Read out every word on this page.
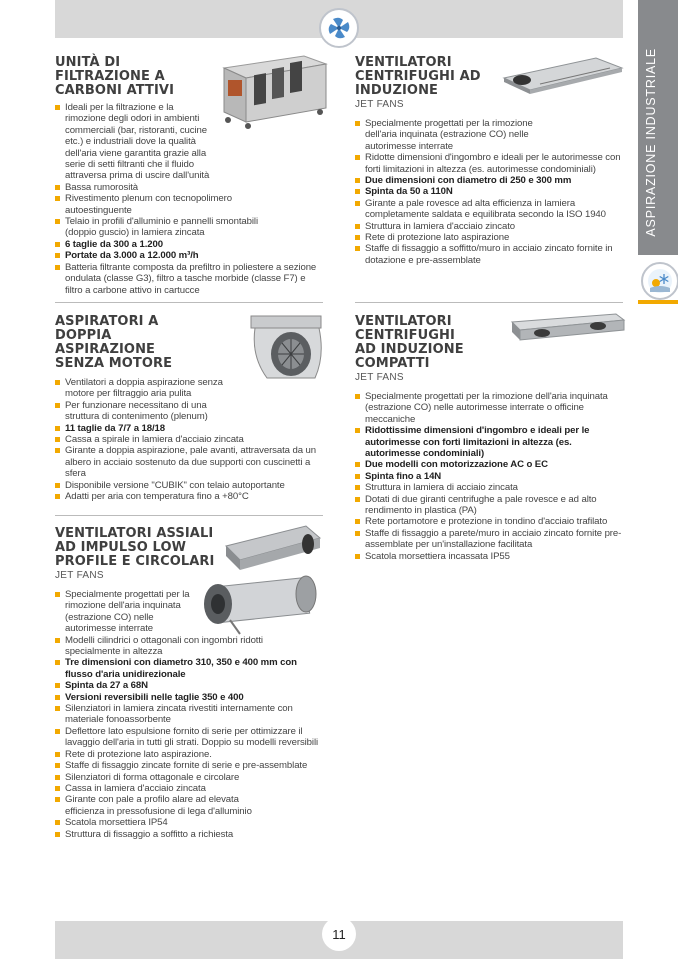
11
ASPIRAZIONE INDUSTRIALE
UNITÀ DI FILTRAZIONE A CARBONI ATTIVI
Ideali per la filtrazione e la rimozione degli odori in ambienti commerciali (bar, ristoranti, cucine etc.) e industriali dove la qualità dell'aria viene garantita grazie alla serie di setti filtranti che il fluido attraversa prima di uscire dall'unità
Bassa rumorosità
Rivestimento plenum con tecnopolimero autoestinguente
Telaio in profili d'alluminio e pannelli smontabili (doppio guscio) in lamiera zincata
6 taglie da 300 a 1.200
Portate da 3.000 a 12.000 m³/h
Batteria filtrante composta da prefiltro in poliestere a sezione ondulata (classe G3), filtro a tasche morbide (classe F7) e filtro a carbone attivo in cartucce
VENTILATORI CENTRIFUGHI AD INDUZIONE
JET FANS
Specialmente progettati per la rimozione dell'aria inquinata (estrazione CO) nelle autorimesse interrate
Ridotte dimensioni d'ingombro e ideali per le autorimesse con forti limitazioni in altezza (es. autorimesse condominiali)
Due dimensioni con diametro di 250 e 300 mm
Spinta da 50 a 110N
Girante a pale rovesce ad alta efficienza in lamiera completamente saldata e equilibrata secondo la ISO 1940
Struttura in lamiera d'acciaio zincato
Rete di protezione lato aspirazione
Staffe di fissaggio a soffitto/muro in acciaio zincato fornite in dotazione e pre-assemblate
ASPIRATORI A DOPPIA ASPIRAZIONE SENZA MOTORE
Ventilatori a doppia aspirazione senza motore per filtraggio aria pulita
Per funzionare necessitano di una struttura di contenimento (plenum)
11 taglie da 7/7 a 18/18
Cassa a spirale in lamiera d'acciaio zincata
Girante a doppia aspirazione, pale avanti, attraversata da un albero in acciaio sostenuto da due supporti con cuscinetti a sfera
Disponibile versione "CUBIK" con telaio autoportante
Adatti per aria con temperatura fino a +80°C
VENTILATORI CENTRIFUGHI AD INDUZIONE COMPATTI
JET FANS
Specialmente progettati per la rimozione dell'aria inquinata (estrazione CO) nelle autorimesse interrate o officine meccaniche
Ridottissime dimensioni d'ingombro e ideali per le autorimesse con forti limitazioni in altezza (es. autorimesse condominiali)
Due modelli con motorizzazione AC o EC
Spinta fino a 14N
Struttura in lamiera di acciaio zincata
Dotati di due giranti centrifughe a pale rovesce e ad alto rendimento in plastica (PA)
Rete portamotore e protezione in tondino d'acciaio trafilato
Staffe di fissaggio a parete/muro in acciaio zincato fornite pre-assemblate per un'installazione facilitata
Scatola morsettiera incassata IP55
VENTILATORI ASSIALI AD IMPULSO LOW PROFILE E CIRCOLARI
JET FANS
Specialmente progettati per la rimozione dell'aria inquinata (estrazione CO) nelle autorimesse interrate
Modelli cilindrici o ottagonali con ingombri ridotti specialmente in altezza
Tre dimensioni con diametro 310, 350 e 400 mm con flusso d'aria unidirezionale
Spinta da 27 a 68N
Versioni reversibili nelle taglie 350 e 400
Silenziatori in lamiera zincata rivestiti internamente con materiale fonoassorbente
Deflettore lato espulsione fornito di serie per ottimizzare il lavaggio dell'aria in tutti gli strati. Doppio su modelli reversibili
Rete di protezione lato aspirazione.
Staffe di fissaggio zincate fornite di serie e pre-assemblate
Silenziatori di forma ottagonale e circolare
Cassa in lamiera d'acciaio zincata
Girante con pale a profilo alare ad elevata efficienza in pressofusione di lega d'alluminio
Scatola morsettiera IP54
Struttura di fissaggio a soffitto a richiesta
